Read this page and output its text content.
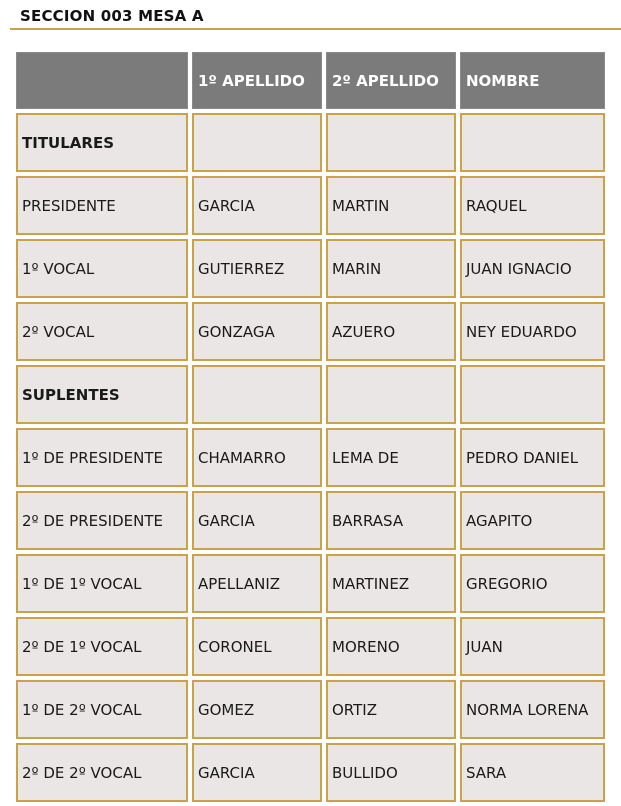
SECCION 003 MESA A
	1º APELLIDO	2º APELLIDO	NOMBRE
TITULARES			
PRESIDENTE	GARCIA	MARTIN	RAQUEL
1º VOCAL	GUTIERREZ	MARIN	JUAN IGNACIO
2º VOCAL	GONZAGA	AZUERO	NEY EDUARDO
SUPLENTES			
1º DE PRESIDENTE	CHAMARRO	LEMA DE	PEDRO DANIEL
2º DE PRESIDENTE	GARCIA	BARRASA	AGAPITO
1º DE 1º VOCAL	APELLANIZ	MARTINEZ	GREGORIO
2º DE 1º VOCAL	CORONEL	MORENO	JUAN
1º DE 2º VOCAL	GOMEZ	ORTIZ	NORMA LORENA
2º DE 2º VOCAL	GARCIA	BULLIDO	SARA
